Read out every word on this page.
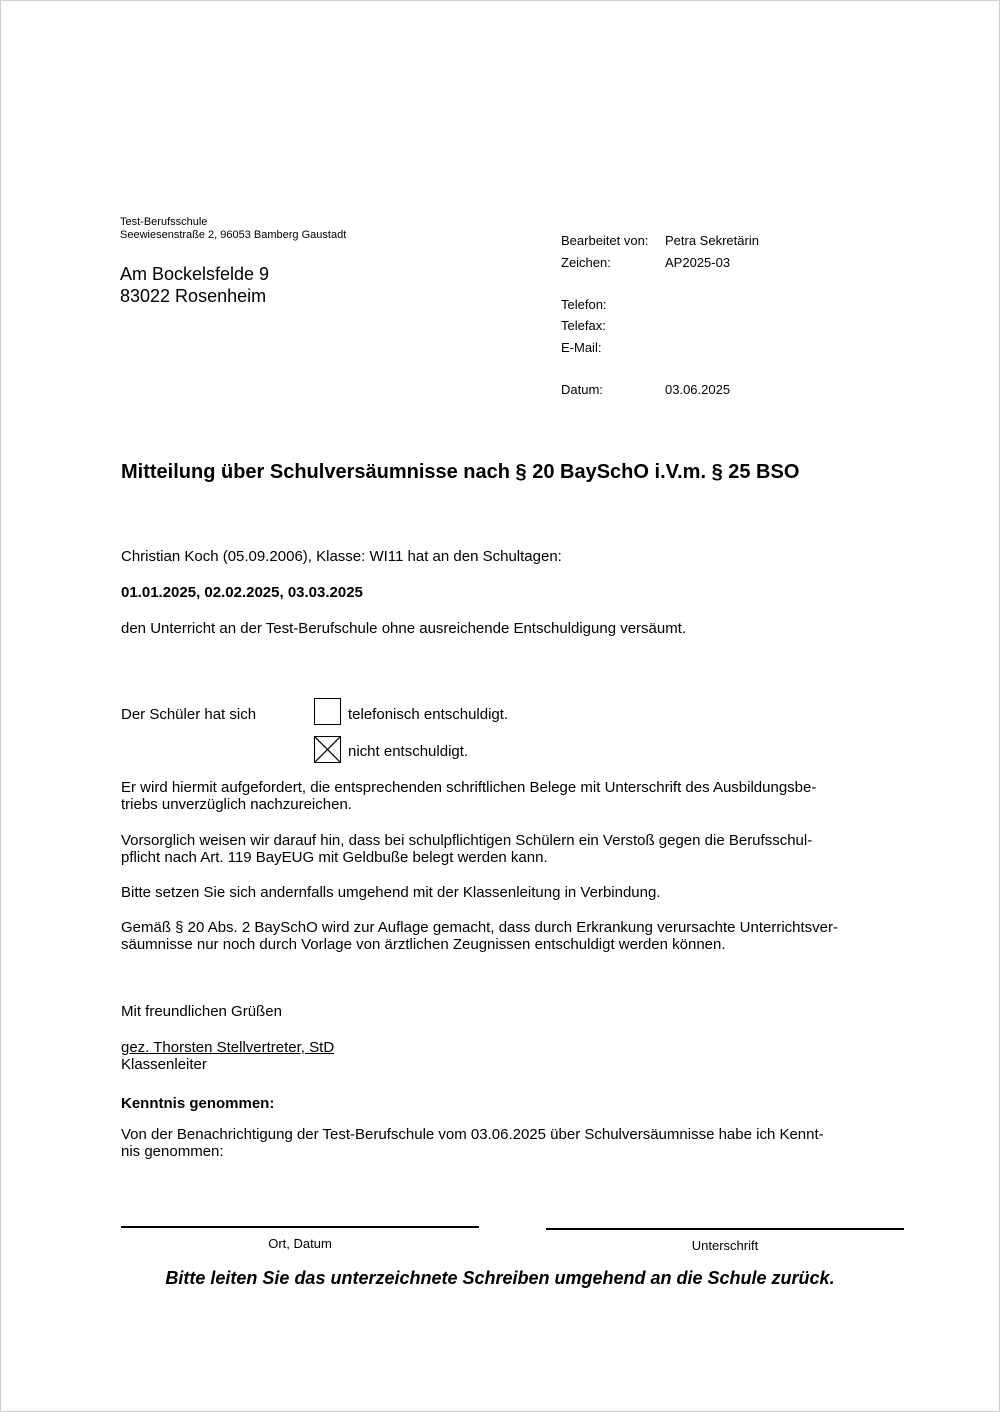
Test-Berufsschule
Seewiesenstraße 2, 96053 Bamberg Gaustadt
Am Bockelsfelde 9
83022 Rosenheim
Bearbeitet von: Petra Sekretärin
Zeichen:	AP2025-03
Telefon:
Telefax:
E-Mail:
Datum:	03.06.2025
Mitteilung über Schulversäumnisse nach § 20 BaySchO i.V.m. § 25 BSO
Christian Koch (05.09.2006), Klasse: WI11 hat an den Schultagen:
01.01.2025, 02.02.2025, 03.03.2025
den Unterricht an der Test-Berufschule ohne ausreichende Entschuldigung versäumt.
Der Schüler hat sich	telefonisch entschuldigt.
nicht entschuldigt.
Er wird hiermit aufgefordert, die entsprechenden schriftlichen Belege mit Unterschrift des Ausbildungsbe-
triebs unverzüglich nachzureichen.
Vorsorglich weisen wir darauf hin, dass bei schulpflichtigen Schülern ein Verstoß gegen die Berufsschul-
pflicht nach Art. 119 BayEUG mit Geldbuße belegt werden kann.
Bitte setzen Sie sich andernfalls umgehend mit der Klassenleitung in Verbindung.
Gemäß § 20 Abs. 2 BaySchO wird zur Auflage gemacht, dass durch Erkrankung verursachte Unterrichtsver-
säumnisse nur noch durch Vorlage von ärztlichen Zeugnissen entschuldigt werden können.
Mit freundlichen Grüßen
gez. Thorsten Stellvertreter, StD
Klassenleiter
Kenntnis genommen:
Von der Benachrichtigung der Test-Berufschule vom 03.06.2025 über Schulversäumnisse habe ich Kennt-
nis genommen:
Ort, Datum	Unterschrift
Bitte leiten Sie das unterzeichnete Schreiben umgehend an die Schule zurück.
